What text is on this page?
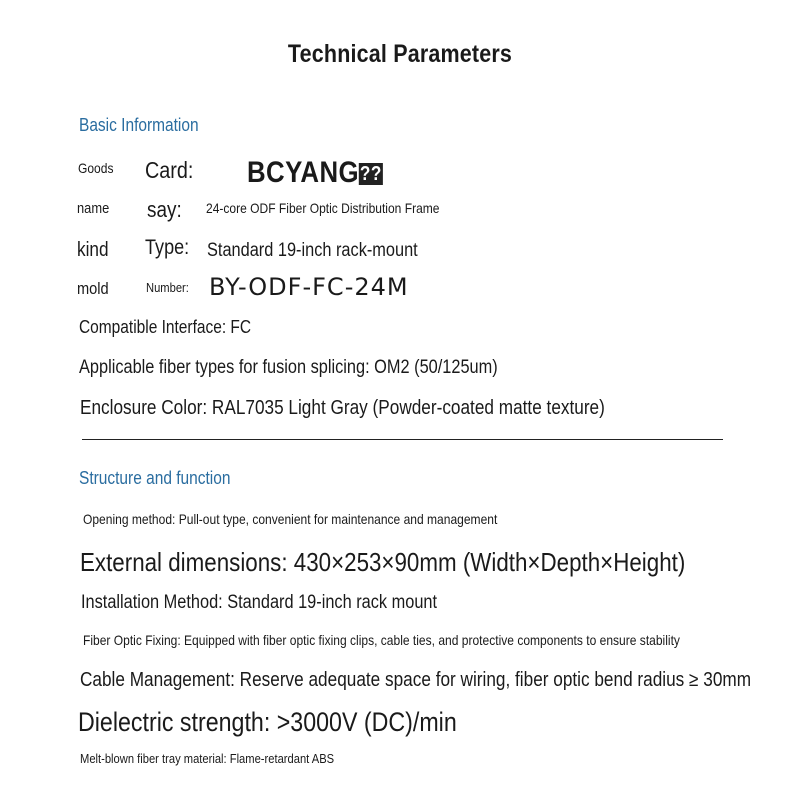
Technical Parameters
Basic Information
Goods
name
kind
mold
Card:
say:
Type:
Number:
BCYANG??
24-core ODF Fiber Optic Distribution Frame
Standard 19-inch rack-mount
BY-ODF-FC-24M
Compatible Interface: FC
Applicable fiber types for fusion splicing: OM2 (50/125um)
Enclosure Color: RAL7035 Light Gray (Powder-coated matte texture)
Structure and function
Opening method: Pull-out type, convenient for maintenance and management
External dimensions: 430×253×90mm (Width×Depth×Height)
Installation Method: Standard 19-inch rack mount
Fiber Optic Fixing: Equipped with fiber optic fixing clips, cable ties, and protective components to ensure stability
Cable Management: Reserve adequate space for wiring, fiber optic bend radius ≥ 30mm
Dielectric strength: >3000V (DC)/min
Melt-blown fiber tray material: Flame-retardant ABS
